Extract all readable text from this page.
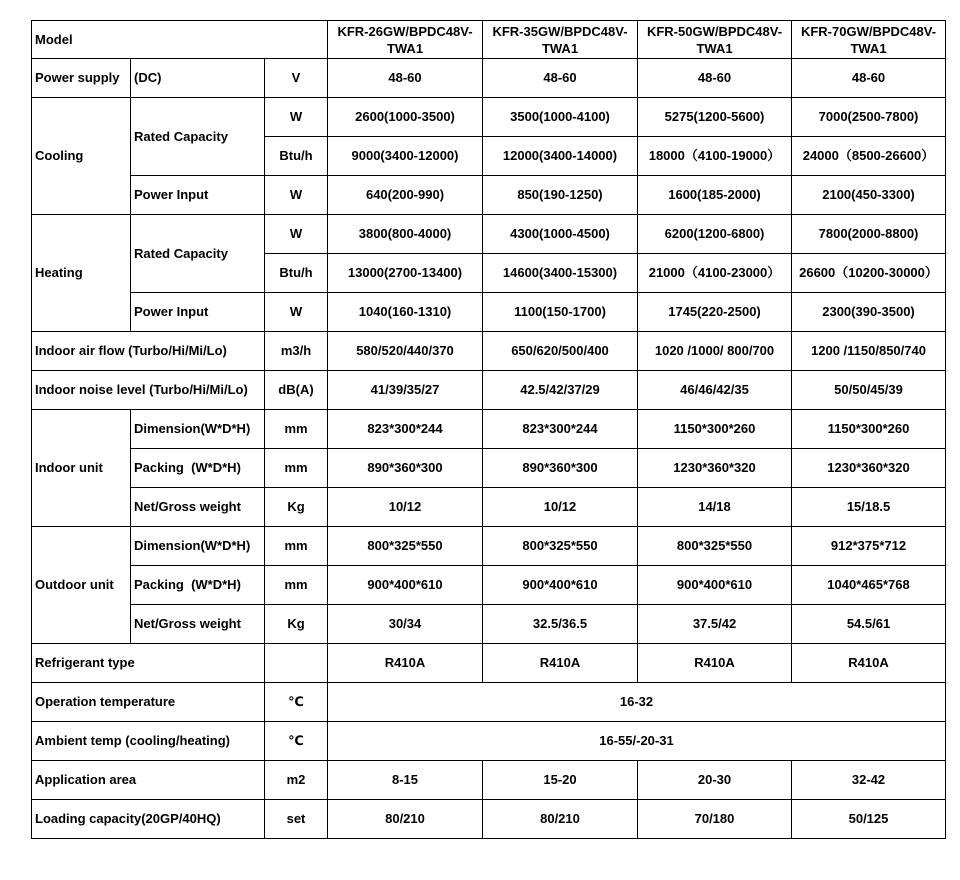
Model			KFR-26GW/BPDC48V-TWA1	KFR-35GW/BPDC48V-TWA1	KFR-50GW/BPDC48V-TWA1	KFR-70GW/BPDC48V-TWA1
Power supply	(DC)	V	48-60	48-60	48-60	48-60
Cooling	Rated Capacity	W	2600(1000-3500)	3500(1000-4100)	5275(1200-5600)	7000(2500-7800)
		Btu/h	9000(3400-12000)	12000(3400-14000)	18000（4100-19000）	24000（8500-26600）
	Power Input	W	640(200-990)	850(190-1250)	1600(185-2000)	2100(450-3300)
Heating	Rated Capacity	W	3800(800-4000)	4300(1000-4500)	6200(1200-6800)	7800(2000-8800)
		Btu/h	13000(2700-13400)	14600(3400-15300)	21000（4100-23000）	26600（10200-30000）
	Power Input	W	1040(160-1310)	1100(150-1700)	1745(220-2500)	2300(390-3500)
Indoor air flow (Turbo/Hi/Mi/Lo)		m3/h	580/520/440/370	650/620/500/400	1020 /1000/ 800/700	1200 /1150/850/740
Indoor noise level (Turbo/Hi/Mi/Lo)		dB(A)	41/39/35/27	42.5/42/37/29	46/46/42/35	50/50/45/39
Indoor unit	Dimension(W*D*H)	mm	823*300*244	823*300*244	1150*300*260	1150*300*260
	Packing  (W*D*H)	mm	890*360*300	890*360*300	1230*360*320	1230*360*320
	Net/Gross weight	Kg	10/12	10/12	14/18	15/18.5
Outdoor unit	Dimension(W*D*H)	mm	800*325*550	800*325*550	800*325*550	912*375*712
	Packing  (W*D*H)	mm	900*400*610	900*400*610	900*400*610	1040*465*768
	Net/Gross weight	Kg	30/34	32.5/36.5	37.5/42	54.5/61
Refrigerant type			R410A	R410A	R410A	R410A
Operation temperature		℃	16-32			
Ambient temp (cooling/heating)		℃	16-55/-20-31			
Application area		m2	8-15	15-20	20-30	32-42
Loading capacity(20GP/40HQ)		set	80/210	80/210	70/180	50/125
